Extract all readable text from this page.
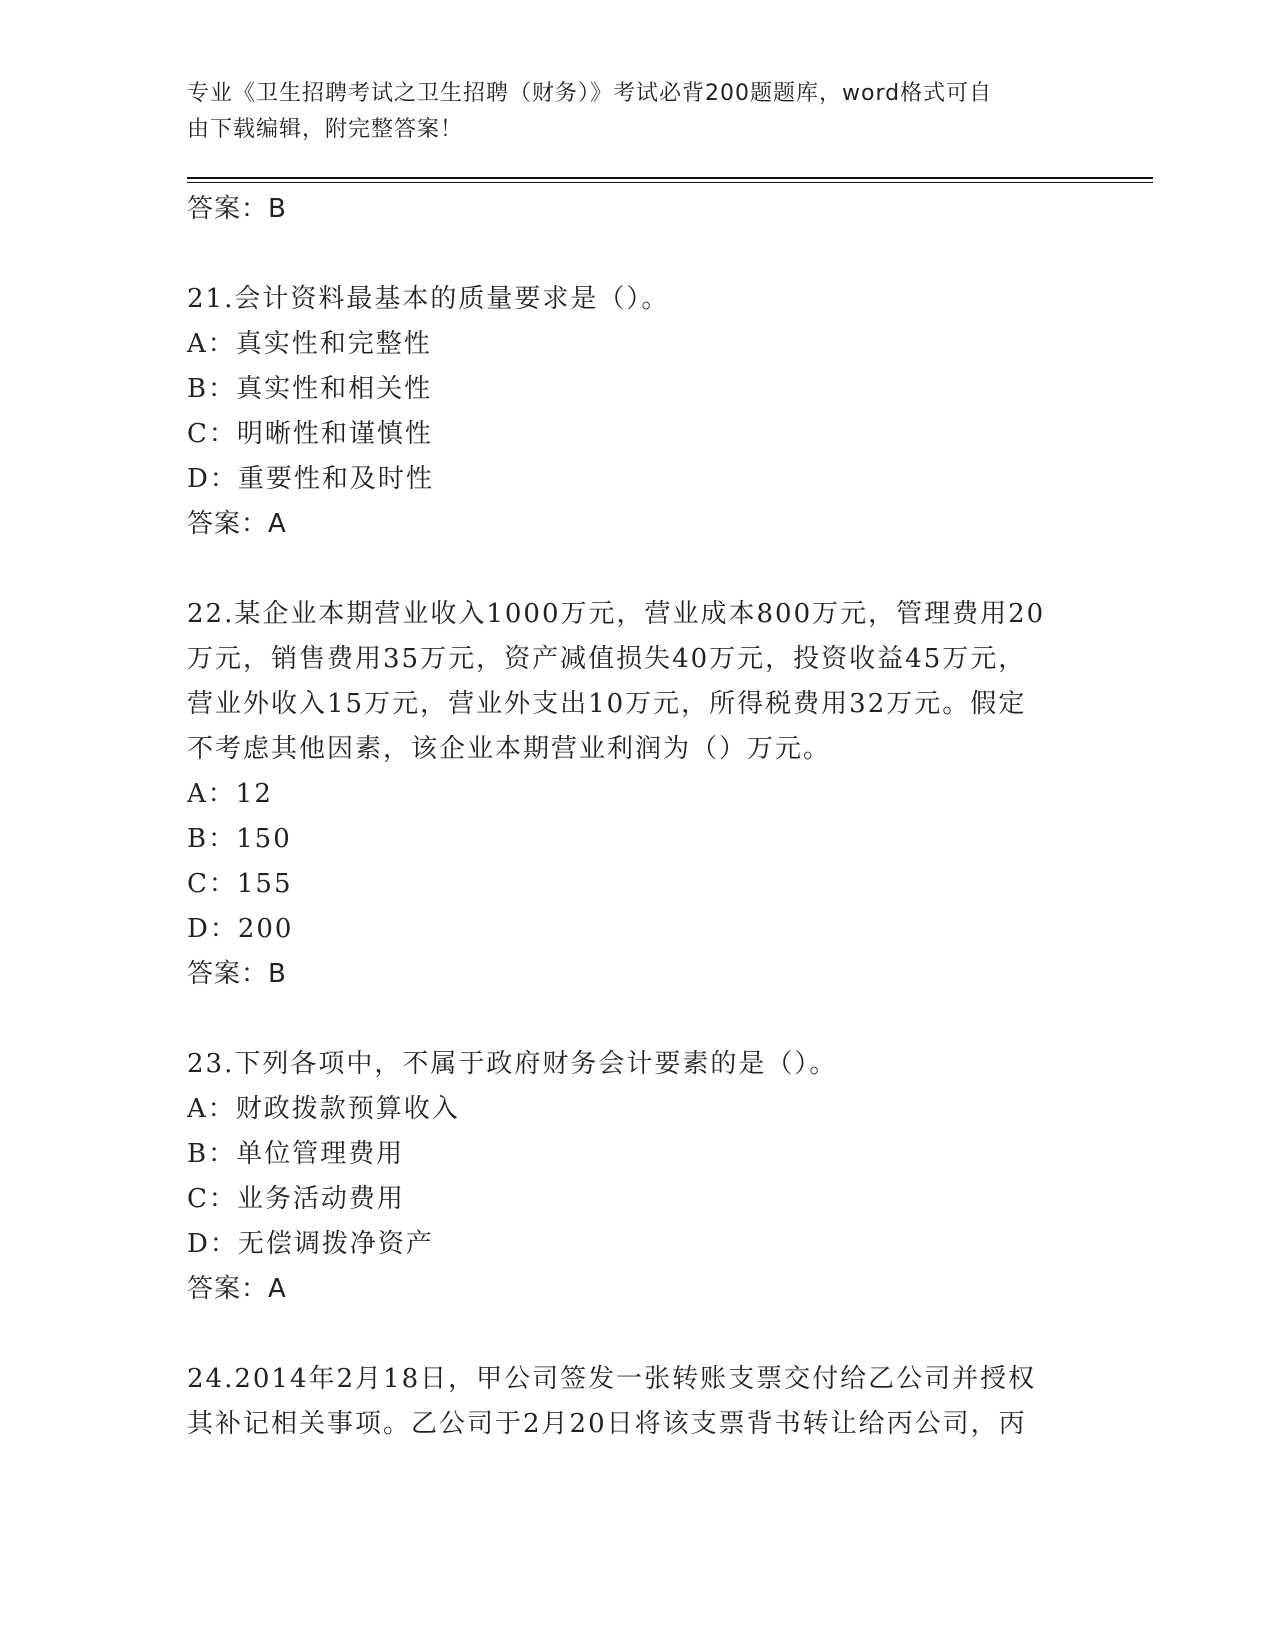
专业《卫生招聘考试之卫生招聘（财务）》考试必背200题题库，word格式可自
由下载编辑，附完整答案！
答案：B
21.会计资料最基本的质量要求是（）。
A：真实性和完整性
B：真实性和相关性
C：明晰性和谨慎性
D：重要性和及时性
答案：A
22.某企业本期营业收入1000万元，营业成本800万元，管理费用20
万元，销售费用35万元，资产减值损失40万元，投资收益45万元，
营业外收入15万元，营业外支出10万元，所得税费用32万元。假定
不考虑其他因素，该企业本期营业利润为（）万元。
A：12
B：150
C：155
D：200
答案：B
23.下列各项中，不属于政府财务会计要素的是（）。
A：财政拨款预算收入
B：单位管理费用
C：业务活动费用
D：无偿调拨净资产
答案：A
24.2014年2月18日，甲公司签发一张转账支票交付给乙公司并授权
其补记相关事项。乙公司于2月20日将该支票背书转让给丙公司，丙
